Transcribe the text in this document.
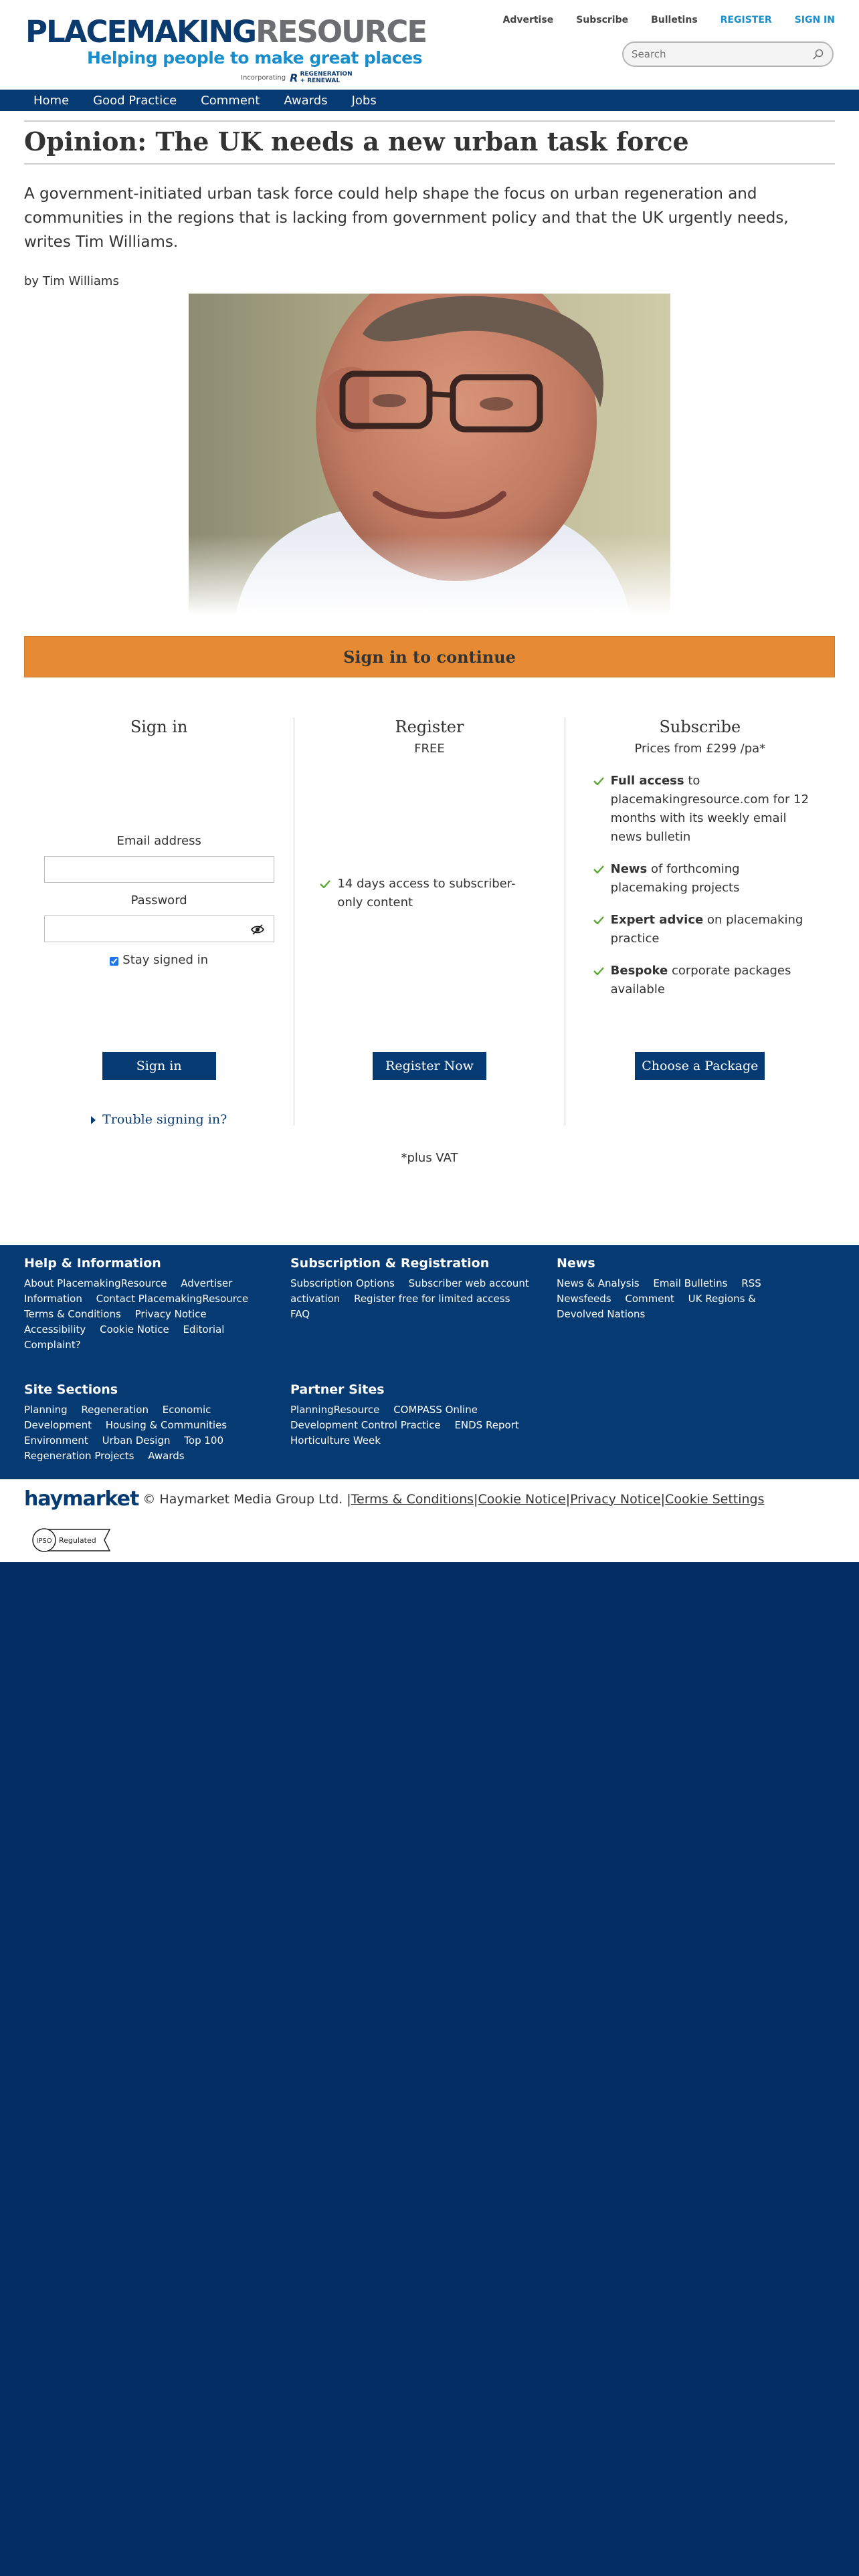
PLACEMAKINGRESOURCE
Helping people to make great places
Incorporating R REGENERATION
+ RENEWAL
Advertise Subscribe Bulletins REGISTER SIGN IN
Search
Home Good Practice Comment Awards Jobs
Opinion: The UK needs a new urban task force

A government-initiated urban task force could help shape the focus on urban regeneration and communities in the regions that is lacking from government policy and that the UK urgently needs, writes Tim Williams.

by Tim Williams

Sign in to continue
Sign in
Email address
Password
Stay signed in
Sign in
Trouble signing in?
Register
FREE
14 days access to subscriber-only content
Register Now
Subscribe
Prices from £299 /pa*
Full access to placemakingresource.com for 12 months with its weekly email news bulletin
News of forthcoming placemaking projects
Expert advice on placemaking practice
Bespoke corporate packages available
Choose a Package
*plus VAT
Help & Information
About PlacemakingResource Advertiser Information Contact PlacemakingResource Terms & Conditions Privacy Notice Accessibility Cookie Notice Editorial Complaint?
Subscription & Registration
Subscription Options Subscriber web account activation Register free for limited access FAQ
News
News & Analysis Email Bulletins RSS Newsfeeds Comment UK Regions & Devolved Nations
Site Sections
Planning Regeneration Economic Development Housing & Communities Environment Urban Design Top 100 Regeneration Projects Awards
Partner Sites
PlanningResource COMPASS Online Development Control Practice ENDS Report Horticulture Week
haymarket © Haymarket Media Group Ltd. | Terms & Conditions | Cookie Notice | Privacy Notice | Cookie Settings
IPSO Regulated
